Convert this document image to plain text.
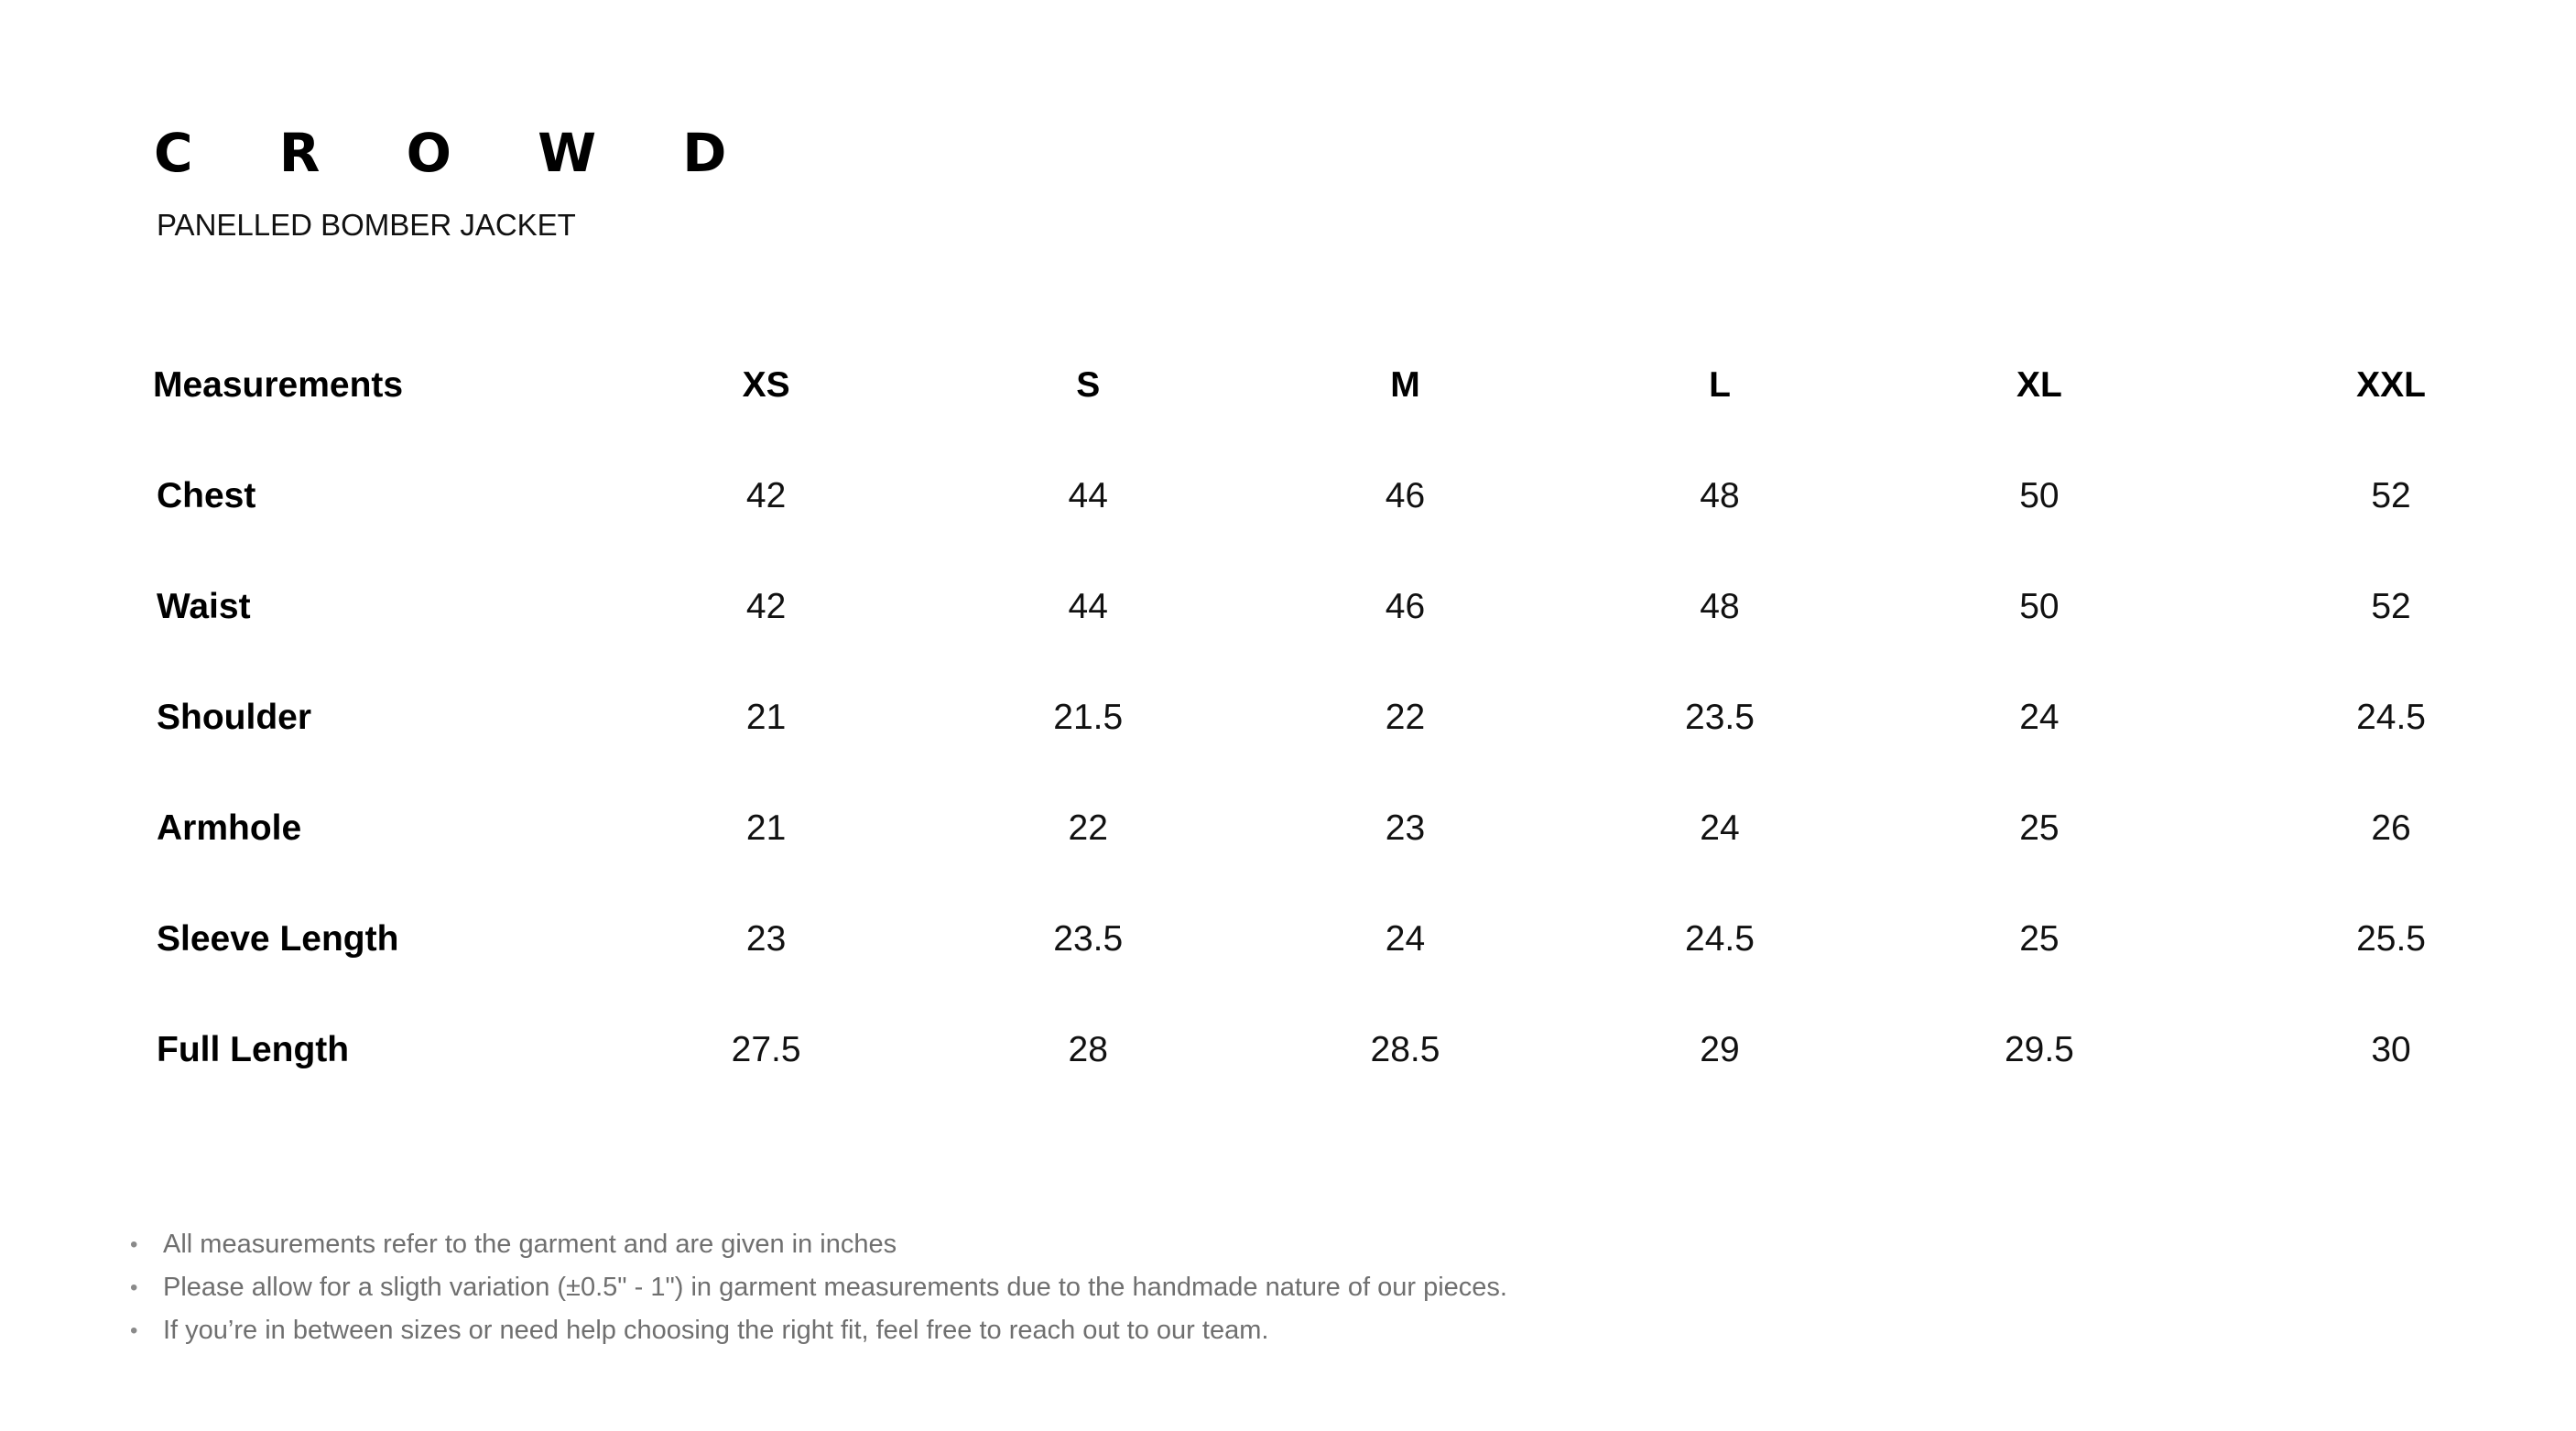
C R O W D

PANELLED BOMBER JACKET

Measurements	XS	S	M	L	XL	XXL
Chest	42	44	46	48	50	52
Waist	42	44	46	48	50	52
Shoulder	21	21.5	22	23.5	24	24.5
Armhole	21	22	23	24	25	26
Sleeve Length	23	23.5	24	24.5	25	25.5
Full Length	27.5	28	28.5	29	29.5	30
• All measurements refer to the garment and are given in inches
• Please allow for a sligth variation (±0.5" - 1") in garment measurements due to the handmade nature of our pieces.
• If you’re in between sizes or need help choosing the right fit, feel free to reach out to our team.
